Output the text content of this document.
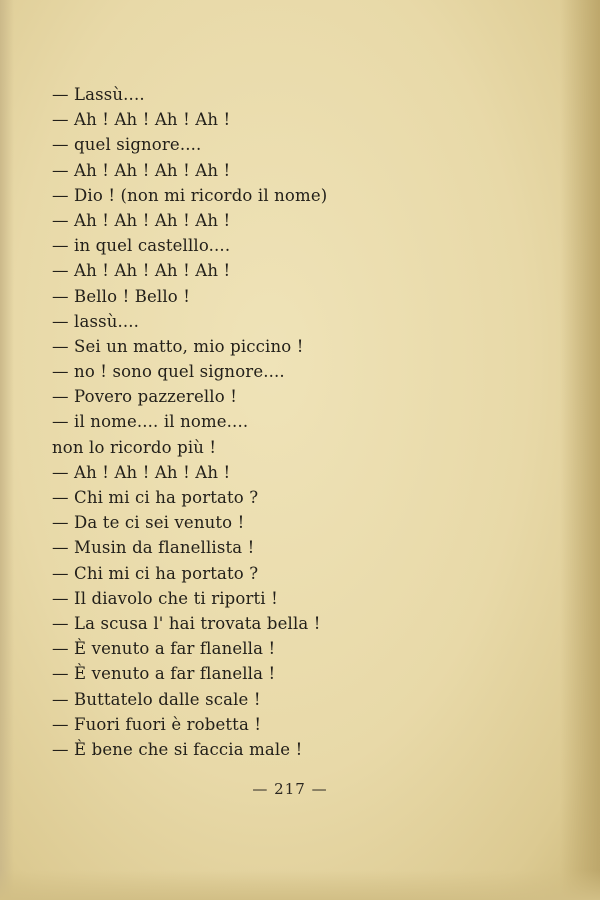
— Lassù....
— Ah ! Ah ! Ah ! Ah !
— quel signore....
— Ah ! Ah ! Ah ! Ah !
— Dio ! (non mi ricordo il nome)
— Ah ! Ah ! Ah ! Ah !
— in quel castelllo....
— Ah ! Ah ! Ah ! Ah !
— Bello ! Bello !
— lassù....
— Sei un matto, mio piccino !
— no ! sono quel signore....
— Povero pazzerello !
— il nome.... il nome....
non lo ricordo più !
— Ah ! Ah ! Ah ! Ah !
— Chi mi ci ha portato ?
— Da te ci sei venuto !
— Musin da flanellista !
— Chi mi ci ha portato ?
— Il diavolo che ti riporti !
— La scusa l' hai trovata bella !
— È venuto a far flanella !
— È venuto a far flanella !
— Buttatelo dalle scale !
— Fuori fuori è robetta !
— È bene che si faccia male !
— 217 —
